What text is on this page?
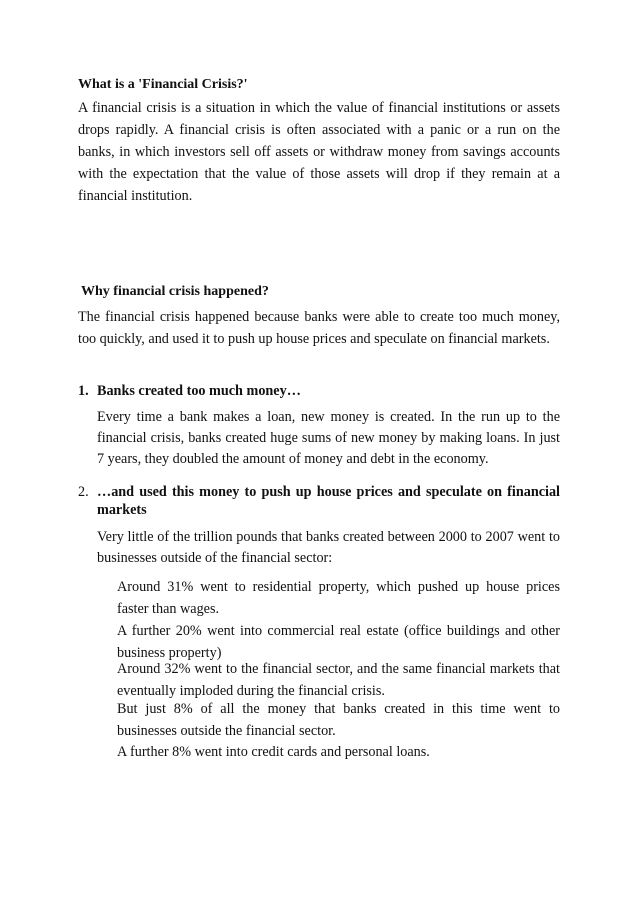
What is a 'Financial Crisis?'
A financial crisis is a situation in which the value of financial institutions or assets drops rapidly. A financial crisis is often associated with a panic or a run on the banks, in which investors sell off assets or withdraw money from savings accounts with the expectation that the value of those assets will drop if they remain at a financial institution.
Why financial crisis happened?
The financial crisis happened because banks were able to create too much money, too quickly, and used it to push up house prices and speculate on financial markets.
1. Banks created too much money…
Every time a bank makes a loan, new money is created. In the run up to the financial crisis, banks created huge sums of new money by making loans. In just 7 years, they doubled the amount of money and debt in the economy.
2. …and used this money to push up house prices and speculate on financial markets
Very little of the trillion pounds that banks created between 2000 to 2007 went to businesses outside of the financial sector:
Around 31% went to residential property, which pushed up house prices faster than wages.
A further 20% went into commercial real estate (office buildings and other business property)
Around 32% went to the financial sector, and the same financial markets that eventually imploded during the financial crisis.
But just 8% of all the money that banks created in this time went to businesses outside the financial sector.
A further 8% went into credit cards and personal loans.
